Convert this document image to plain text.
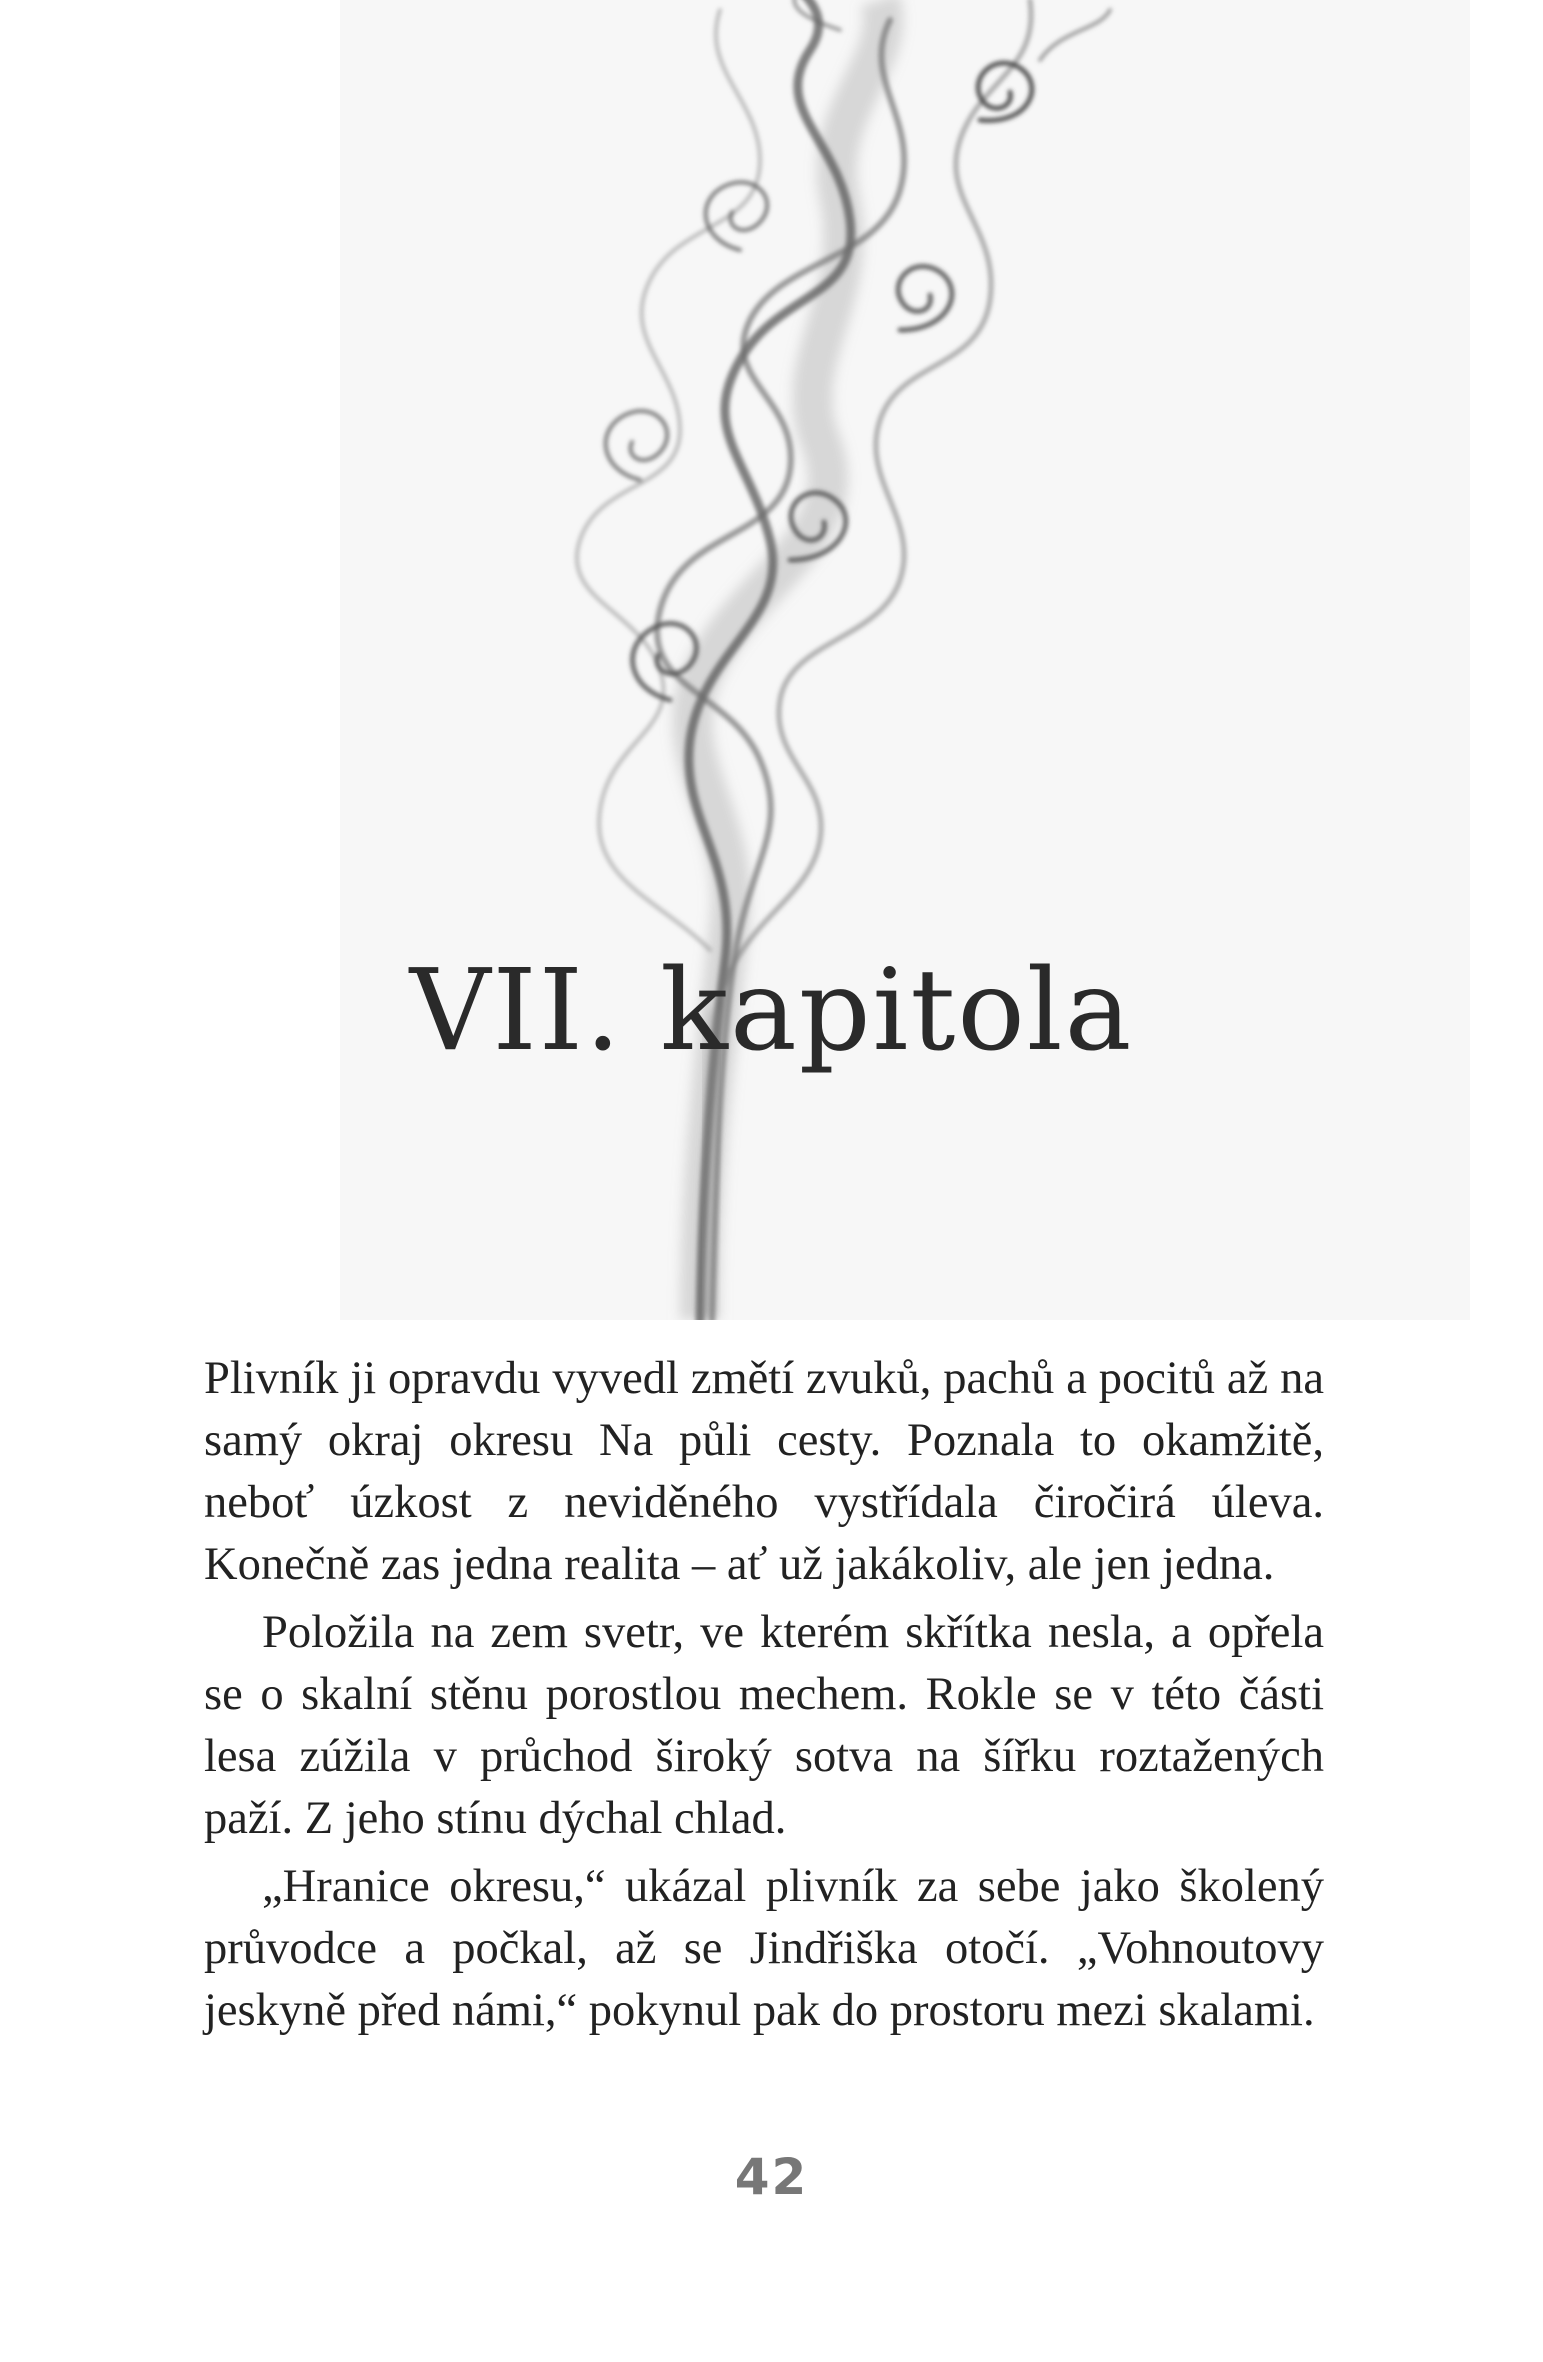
VII. kapitola

Plivník ji opravdu vyvedl změtí zvuků, pachů a pocitů až na samý okraj okresu Na půli cesty. Poznala to okamžitě, neboť úzkost z neviděného vystřídala čiročirá úleva. Konečně zas jedna realita – ať už jakákoliv, ale jen jedna.

Položila na zem svetr, ve kterém skřítka nesla, a opřela se o skalní stěnu porostlou mechem. Rokle se v této části lesa zúžila v průchod široký sotva na šířku roztažených paží. Z jeho stínu dýchal chlad.

„Hranice okresu,“ ukázal plivník za sebe jako školený průvodce a počkal, až se Jindřiška otočí. „Vohnoutovy jeskyně před námi,“ pokynul pak do prostoru mezi skalami.

42
